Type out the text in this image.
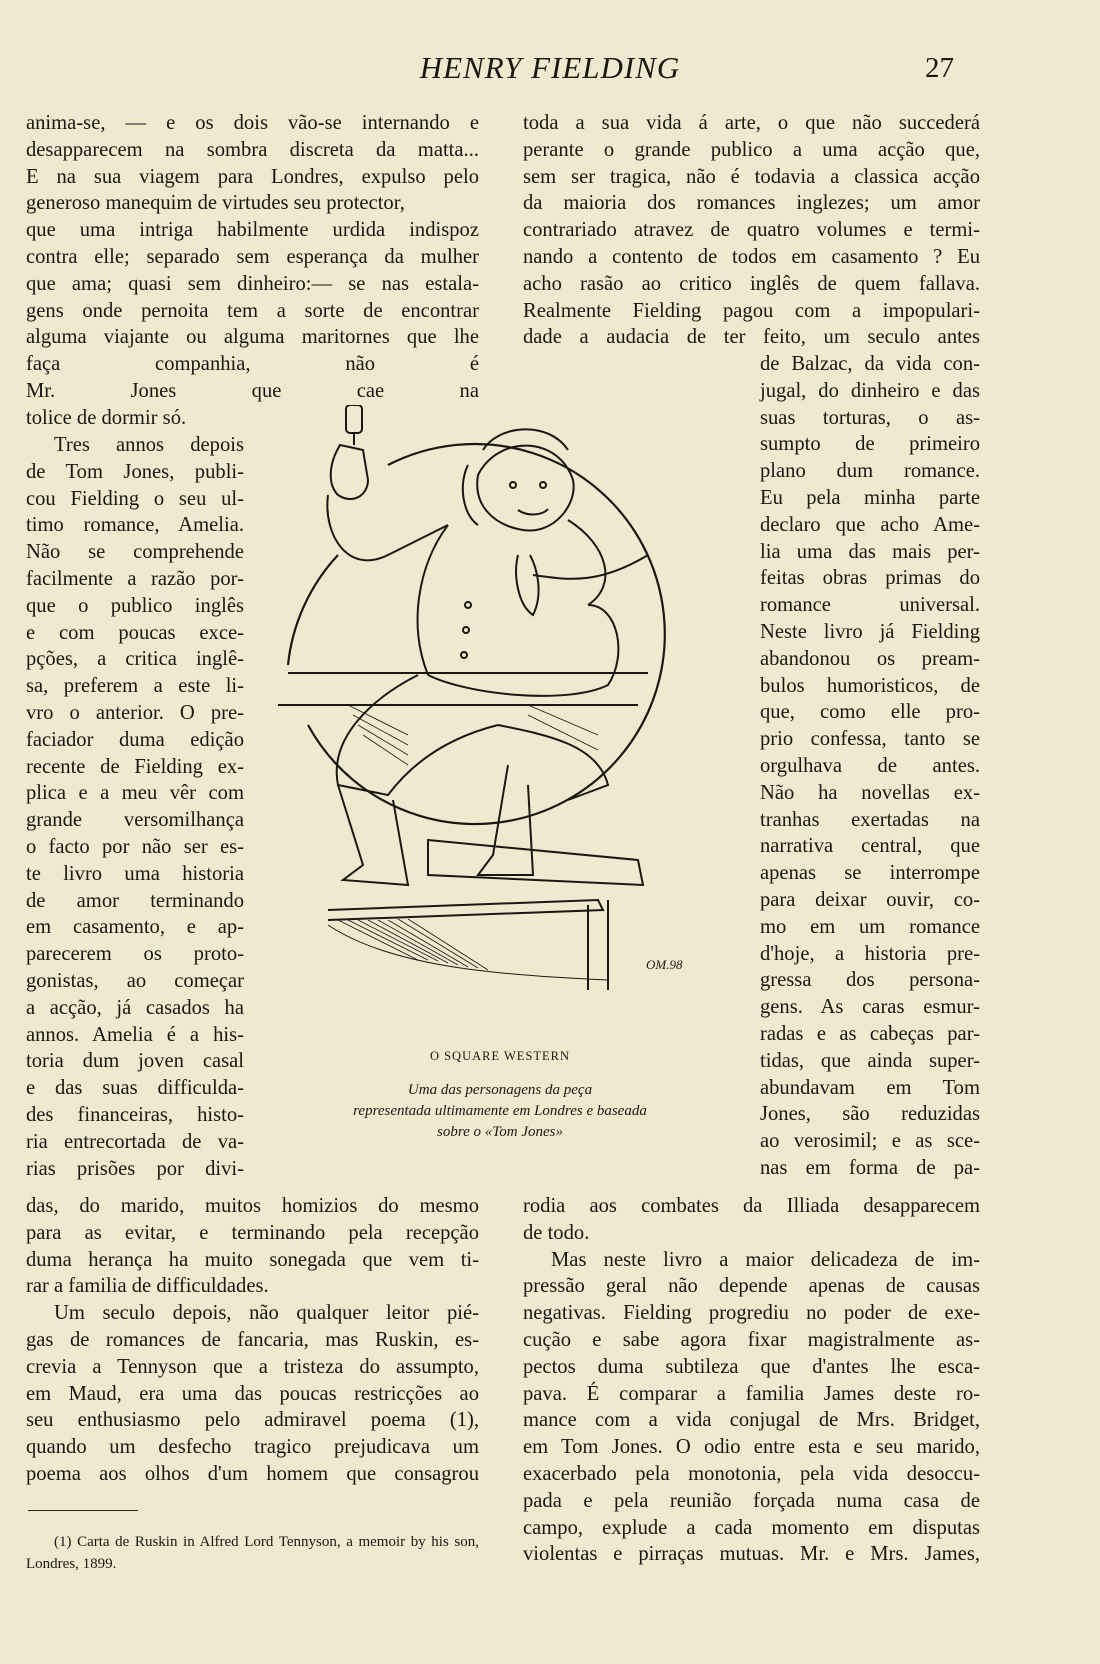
HENRY FIELDING	27
anima-se, — e os dois vão-se internando e
desapparecem na sombra discreta da matta...
E na sua viagem para Londres, expulso pelo
generoso manequim de virtudes seu protector,
que uma intriga habilmente urdida indispoz
contra elle; separado sem esperança da mulher
que ama; quasi sem dinheiro:— se nas estala-
gens onde pernoita tem a sorte de encontrar
alguma viajante ou alguma maritornes que lhe
faça companhia, não é
Mr. Jones que cae na
tolice de dormir só.
Tres annos depois
de Tom Jones, publi-
cou Fielding o seu ul-
timo romance, Amelia.
Não se comprehende
facilmente a razão por-
que o publico inglês
e com poucas exce-
pções, a critica inglê-
sa, preferem a este li-
vro o anterior. O pre-
faciador duma edição
recente de Fielding ex-
plica e a meu vêr com
grande versomilhança
o facto por não ser es-
te livro uma historia
de amor terminando
em casamento, e ap-
parecerem os proto-
gonistas, ao começar
a acção, já casados ha
annos. Amelia é a his-
toria dum joven casal
e das suas difficulda-
des financeiras, histo-
ria entrecortada de va-
rias prisões por divi-
das, do marido, muitos homizios do mesmo
para as evitar, e terminando pela recepção
duma herança ha muito sonegada que vem ti-
rar a familia de difficuldades.
Um seculo depois, não qualquer leitor pié-
gas de romances de fancaria, mas Ruskin, es-
crevia a Tennyson que a tristeza do assumpto,
em Maud, era uma das poucas restricções ao
seu enthusiasmo pelo admiravel poema (1),
quando um desfecho tragico prejudicava um
poema aos olhos d'um homem que consagrou
toda a sua vida á arte, o que não succederá
perante o grande publico a uma acção que,
sem ser tragica, não é todavia a classica acção
da maioria dos romances inglezes; um amor
contrariado atravez de quatro volumes e termi-
nando a contento de todos em casamento ? Eu
acho rasão ao critico inglês de quem fallava.
Realmente Fielding pagou com a impopulari-
dade a audacia de ter feito, um seculo antes
de Balzac, da vida con-
jugal, do dinheiro e das
suas torturas, o as-
sumpto de primeiro
plano dum romance.
Eu pela minha parte
declaro que acho Ame-
lia uma das mais per-
feitas obras primas do
romance universal.
Neste livro já Fielding
abandonou os pream-
bulos humoristicos, de
que, como elle pro-
prio confessa, tanto se
orgulhava de antes.
Não ha novellas ex-
tranhas exertadas na
narrativa central, que
apenas se interrompe
para deixar ouvir, co-
mo em um romance
d'hoje, a historia pre-
gressa dos persona-
gens. As caras esmur-
radas e as cabeças par-
tidas, que ainda super-
abundavam em Tom
Jones, são reduzidas
ao verosimil; e as sce-
nas em forma de pa-
rodia aos combates da Illiada desapparecem
de todo.
Mas neste livro a maior delicadeza de im-
pressão geral não depende apenas de causas
negativas. Fielding progrediu no poder de exe-
cução e sabe agora fixar magistralmente as-
pectos duma subtileza que d'antes lhe esca-
pava. É comparar a familia James deste ro-
mance com a vida conjugal de Mrs. Bridget,
em Tom Jones. O odio entre esta e seu marido,
exacerbado pela monotonia, pela vida desoccu-
pada e pela reunião forçada numa casa de
campo, explude a cada momento em disputas
violentas e pirraças mutuas. Mr. e Mrs. James,
OM.98
O SQUARE WESTERN
Uma das personagens da peça
representada ultimamente em Londres e baseada
sobre o «Tom Jones»
(1) Carta de Ruskin in Alfred Lord Tennyson, a memoir by his son, Londres, 1899.
